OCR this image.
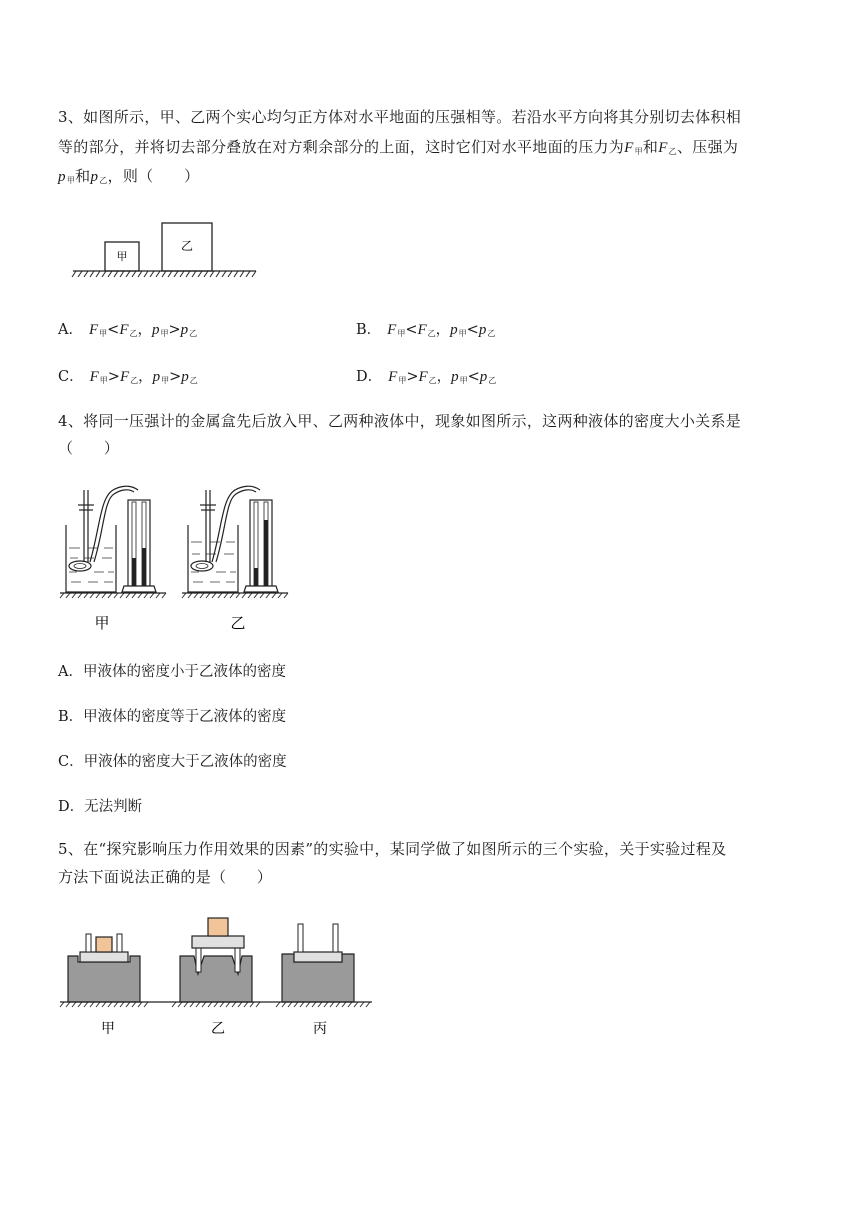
3、如图所示，甲、乙两个实心均匀正方体对水平地面的压强相等。若沿水平方向将其分别切去体积相
等的部分，并将切去部分叠放在对方剩余部分的上面，这时它们对水平地面的压力为$F_甲$和$F_乙$、压强为
$p_甲$和$p_乙$，则（　　）
甲
乙
A． $F_甲<F_乙$，$p_甲>p_乙$	B． $F_甲<F_乙$，$p_甲<p_乙$
C． $F_甲>F_乙$，$p_甲>p_乙$	D． $F_甲>F_乙$，$p_甲<p_乙$
4、将同一压强计的金属盒先后放入甲、乙两种液体中，现象如图所示，这两种液体的密度大小关系是
（　　）
甲	乙
A．甲液体的密度小于乙液体的密度
B．甲液体的密度等于乙液体的密度
C．甲液体的密度大于乙液体的密度
D．无法判断
5、在“探究影响压力作用效果的因素”的实验中，某同学做了如图所示的三个实验，关于实验过程及
方法下面说法正确的是（　　）
甲	乙	丙
